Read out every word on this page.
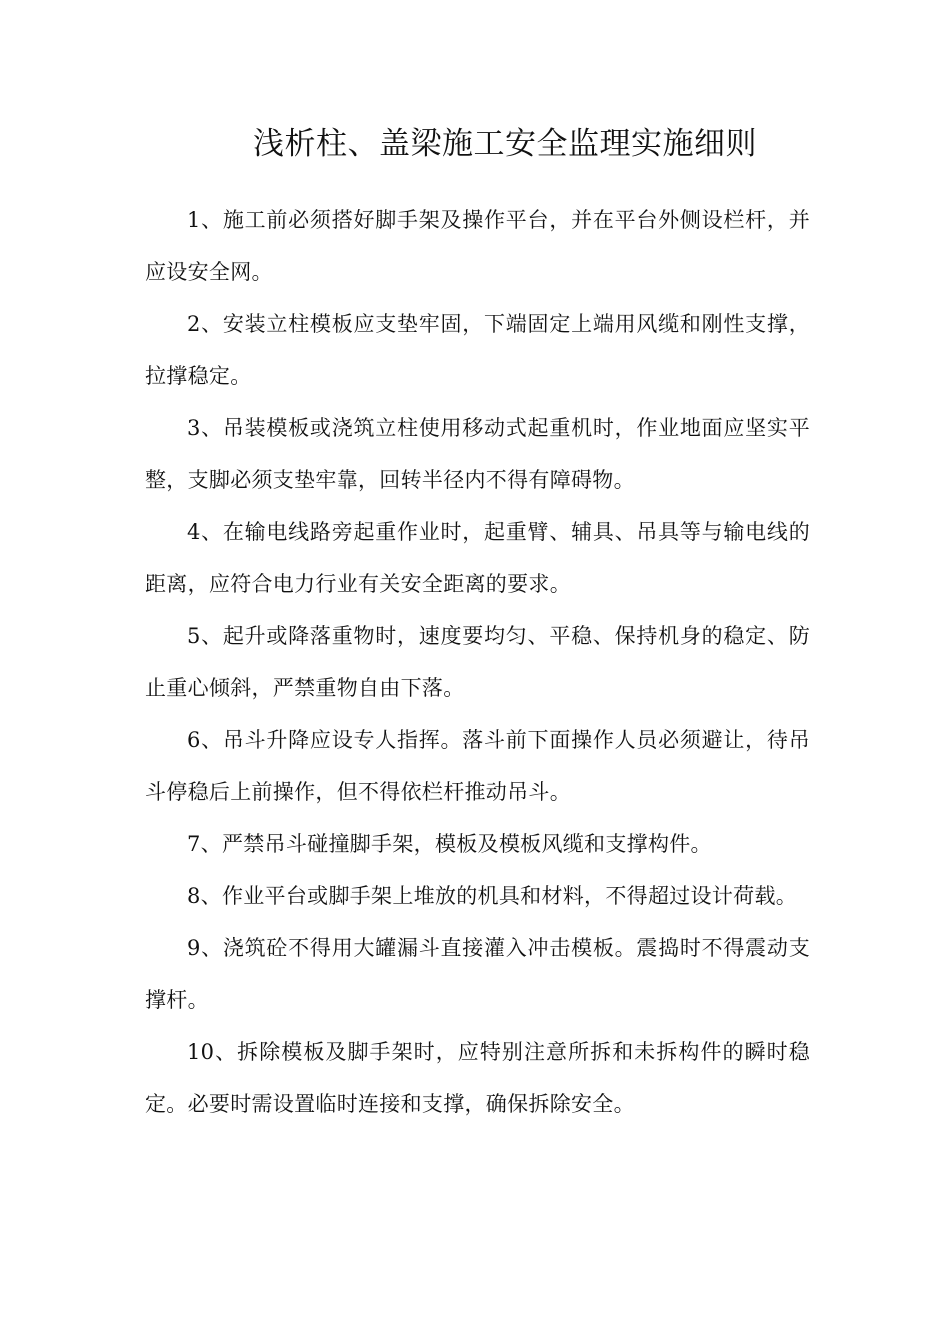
浅析柱、盖梁施工安全监理实施细则

1、施工前必须搭好脚手架及操作平台，并在平台外侧设栏杆，并应设安全网。

2、安装立柱模板应支垫牢固，下端固定上端用风缆和刚性支撑，拉撑稳定。

3、吊装模板或浇筑立柱使用移动式起重机时，作业地面应坚实平整，支脚必须支垫牢靠，回转半径内不得有障碍物。

4、在输电线路旁起重作业时，起重臂、辅具、吊具等与输电线的距离，应符合电力行业有关安全距离的要求。

5、起升或降落重物时，速度要均匀、平稳、保持机身的稳定、防止重心倾斜，严禁重物自由下落。

6、吊斗升降应设专人指挥。落斗前下面操作人员必须避让，待吊斗停稳后上前操作，但不得依栏杆推动吊斗。

7、严禁吊斗碰撞脚手架，模板及模板风缆和支撑构件。

8、作业平台或脚手架上堆放的机具和材料，不得超过设计荷载。

9、浇筑砼不得用大罐漏斗直接灌入冲击模板。震捣时不得震动支撑杆。

10、拆除模板及脚手架时，应特别注意所拆和未拆构件的瞬时稳定。必要时需设置临时连接和支撑，确保拆除安全。
